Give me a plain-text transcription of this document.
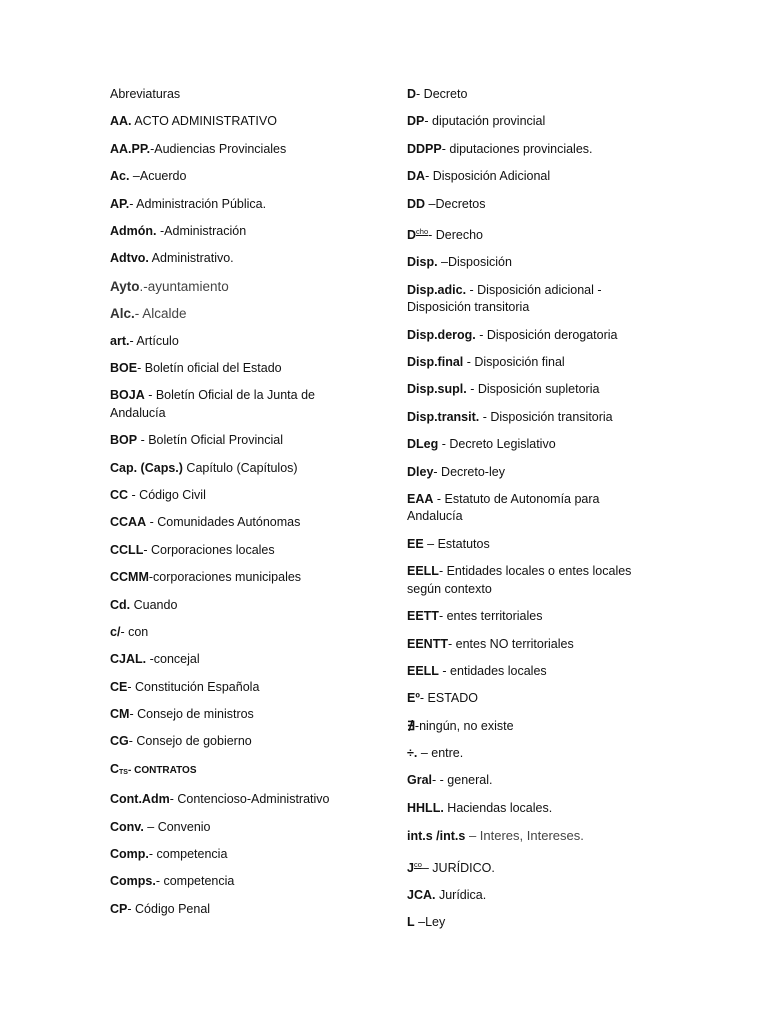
Abreviaturas
AA. ACTO ADMINISTRATIVO
AA.PP.-Audiencias Provinciales
Ac. –Acuerdo
AP.- Administración Pública.
Admón. -Administración
Adtvo. Administrativo.
Ayto.-ayuntamiento
Alc.- Alcalde
art.- Artículo
BOE- Boletín oficial del Estado
BOJA - Boletín Oficial de la Junta de Andalucía
BOP - Boletín Oficial Provincial
Cap. (Caps.) Capítulo (Capítulos)
CC - Código Civil
CCAA - Comunidades Autónomas
CCLL- Corporaciones locales
CCMM-corporaciones municipales
Cd. Cuando
c/- con
CJAL. -concejal
CE- Constitución Española
CM- Consejo de ministros
CG- Consejo de gobierno
CTS- CONTRATOS
Cont.Adm- Contencioso-Administrativo
Conv. – Convenio
Comp.- competencia
Comps.- competencia
CP- Código Penal
D- Decreto
DP- diputación provincial
DDPP- diputaciones provinciales.
DA- Disposición Adicional
DD –Decretos
$D^{cho}-$ Derecho
Disp. –Disposición
Disp.adic. - Disposición adicional - Disposición transitoria
Disp.derog. - Disposición derogatoria
Disp.final - Disposición final
Disp.supl. - Disposición supletoria
Disp.transit. - Disposición transitoria
DLeg - Decreto Legislativo
Dley- Decreto-ley
EAA - Estatuto de Autonomía para Andalucía
EE – Estatutos
EELL- Entidades locales o entes locales según contexto
EETT- entes territoriales
EENTT- entes NO territoriales
EELL - entidades locales
Eº- ESTADO
∄-ningún, no existe
÷. – entre.
Gral- - general.
HHLL. Haciendas locales.
int.s /int.s – Interes, Intereses.
$J^{co}-$ JURÍDICO.
JCA. Jurídica.
L –Ley
